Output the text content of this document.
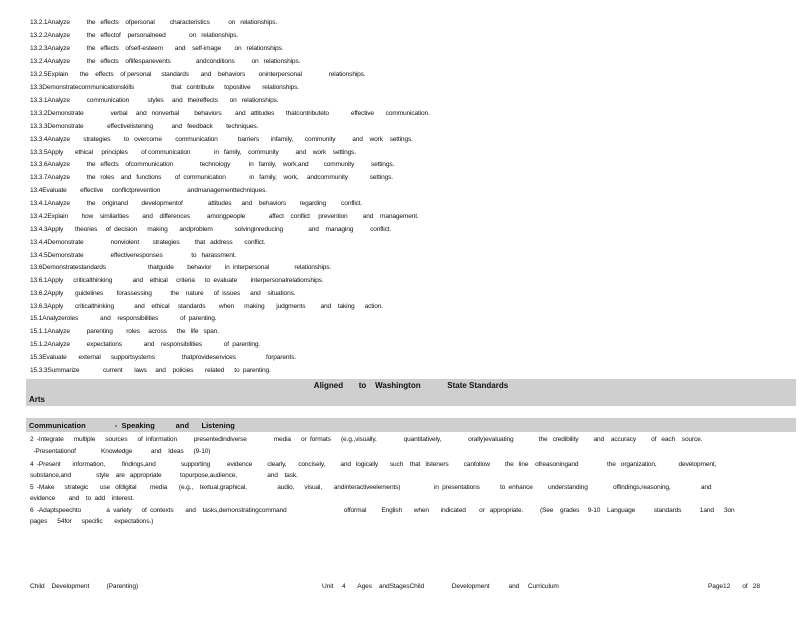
13.2.1Analyze          the   effects    ofpersonal         characteristics           on   relationships.
13.2.2Analyze          the   effectof    personalneed              on   relationships.
13.2.3Analyze          the   effects    ofself-esteem       and    self-image        on   relationships.
13.2.4Analyze          the   effects    oflifespanevents               andconditions          on   relationships.
13.2.5Explain       the    effects    of personal      standards       and    behaviors        oninterpersonal                relationships.
13.3Demonstratecommunicationskills                      that   contribute      topositive       relationships.
13.3.1Analyze          communication           styles     and   theireffects       on   relationships.
13.3.2Demonstrate                verbal     and   nonverbal         behaviors        and   attitudes       thatcontributeto             effective       communication.
13.3.3Demonstrate              effectivelistening           and   feedback        techniques.
13.3.4Analyze        strategies        to   overcome        communication            barriers       infamily,       community          and    work    settings.
13.3.5Apply       ethical     principles        of communication              in   family,    community          and    work    settings.
13.3.6Analyze          the   effects    ofcommunication                technology           in   family,    work,and         community          settings.
13.3.7Analyze          the   roles    and   functions        of  communication              in   family,    work,     andcommunity             settings.
13.4Evaluate        effective     conflictprevention                andmanagementtechniques.
13.4.1Analyze          the    originand        developmentof               attitudes      and    behaviors        regarding         conflict.
13.4.2Explain        how    similarities        and    differences          amongpeople              affect    conflict     prevention         and    management.
13.4.3Apply       theories     of  decision      making       andproblem             solvinginreducing               and    managing          conflict.
13.4.4Demonstrate                nonviolent        strategies         that   address       conflict.
13.4.5Demonstrate                effectiveresponses                 to   harassment.
13.6Demonstratestandards                         thatguide        behavior        in  interpersonal               relationships.
13.6.1Apply      criticalthinking            and    ethical     criteria      to  evaluate        interpersonalrelationships.
13.6.2Apply       guidelines        forassessing           the    nature      of  issues      and    situations.
13.6.3Apply       criticalthinking            and    ethical     standards        when      making       judgments         and    taking      action.
15.1Analyzeroles             and    responsibilities             of  parenting.
15.1.1Analyze          parenting        roles     across      the   life   span.
15.1.2Analyze          expectations             and    responsibilities             of  parenting.
15.3Evaluate       external      supportsystems                thatprovideservices                  forparents.
15.3.3Summarize              current       laws     and    policies       related      to  parenting.
Aligned       to    Washington            State Standards
Arts
Communication              -  Speaking          and      Listening
2  -Integrate      multiple      sources      of  information          presentedindiverse                media      or  formats      (e.g.,visually,                quantitatively,                orally)evaluating               the   credibility         and    accuracy         of   each    source.
-Presentationof               Knowledge           and    Ideas      (9-10)
4  -Present       information,          findings,and               supporting          evidence         clearly,       concisely,         and   logically       such    that   listeners         canfollow         the   line    ofreasoningand                 the   organization,             development,
substance,and               style    are   appropriate           topurpose,audience,                  and    task.
5  -Make      strategic       use   ofdigital        media       (e.g.,    textual,graphical,                  audio,      visual,       andinteractiveelements)                    in  presentations            to  enhance         understanding               offindings,reasoning,                  and
evidence        and    to  add    interest.
6  -Adaptspeechto               a  variety      of  contexts       and    tasks,demonstratingcommand                                  offormal         English       when       indicated        or   appropriate.          (See    grades     9-10    Language           standards           1and      3on
pages      54for      specific       expectations.)
Child    Development          (Parenting)	Unit     4       Ages    andStagesChild                Development           and     Curriculum	Page12       of   28
